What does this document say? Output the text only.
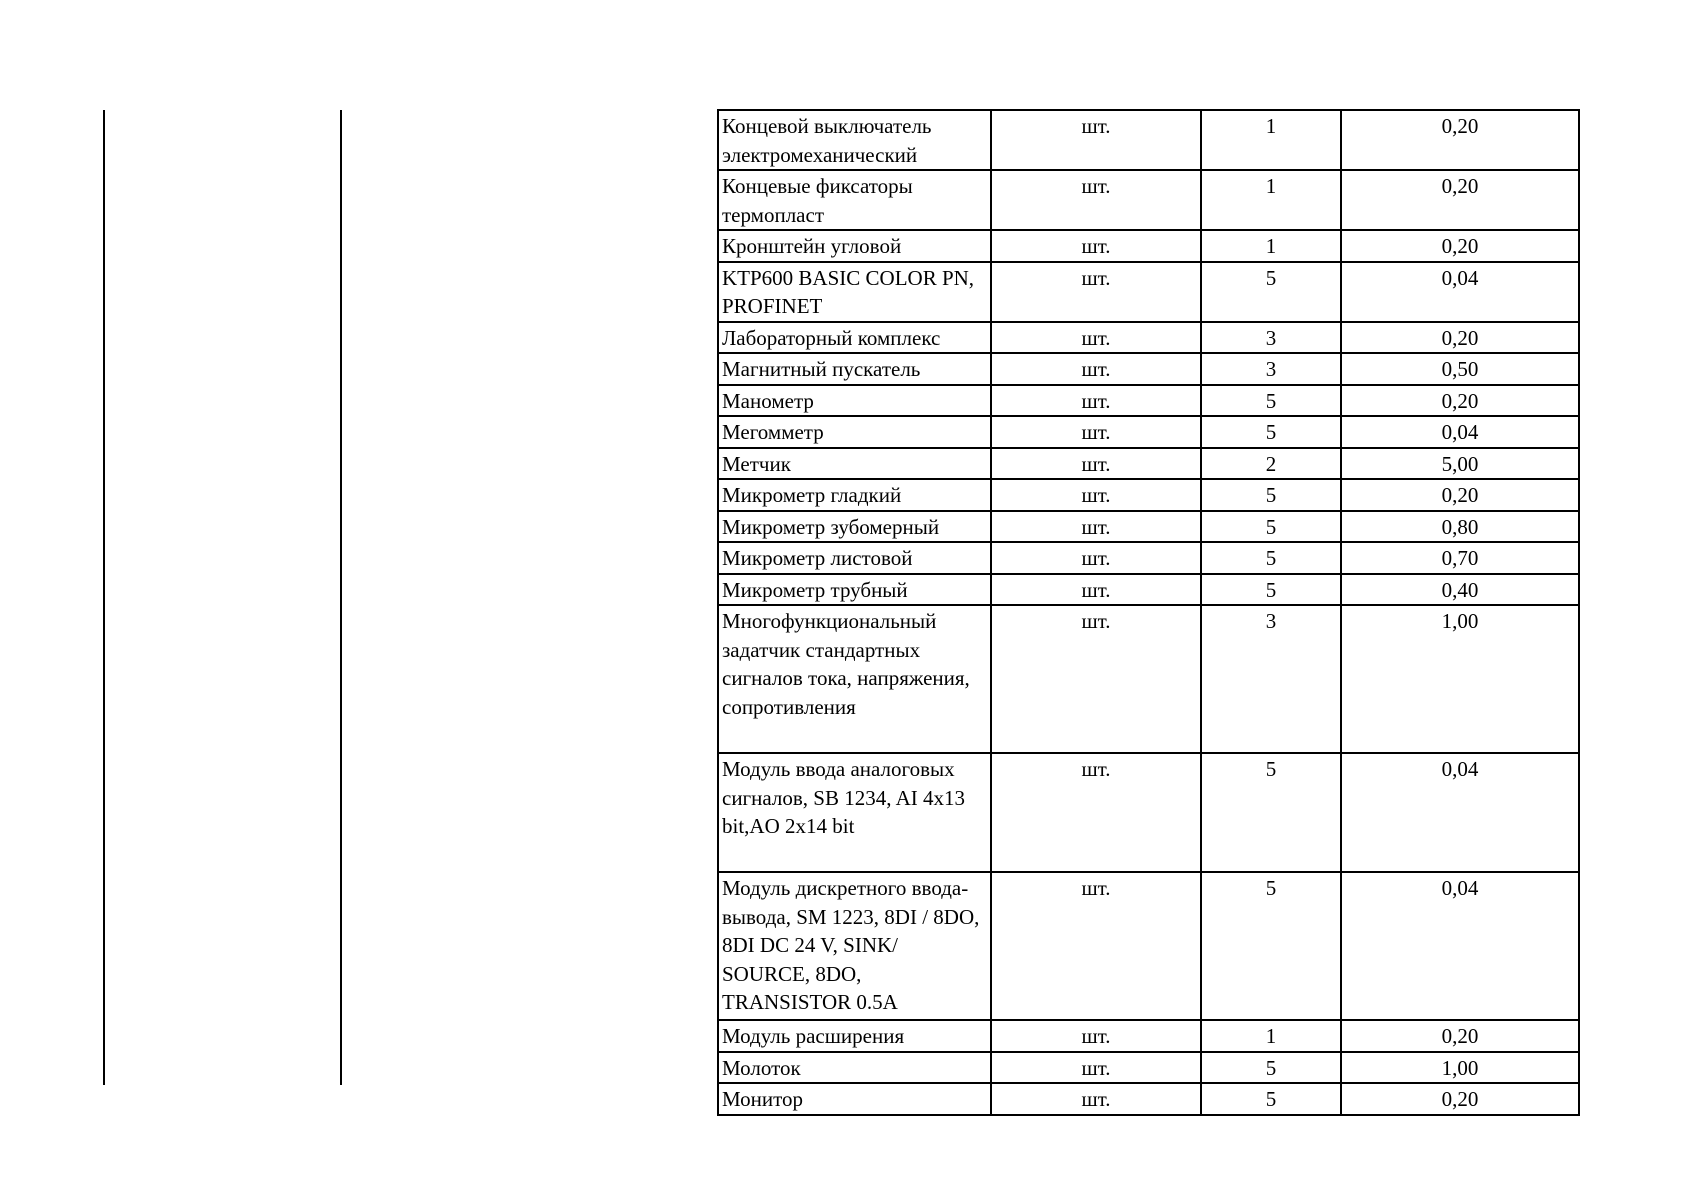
Концевой выключатель электромеханический	шт.	1	0,20
Концевые фиксаторы термопласт	шт.	1	0,20
Кронштейн угловой	шт.	1	0,20
KTP600 BASIC COLOR PN, PROFINET	шт.	5	0,04
Лабораторный комплекс	шт.	3	0,20
Магнитный пускатель	шт.	3	0,50
Манометр	шт.	5	0,20
Мегомметр	шт.	5	0,04
Метчик	шт.	2	5,00
Микрометр гладкий	шт.	5	0,20
Микрометр зубомерный	шт.	5	0,80
Микрометр листовой	шт.	5	0,70
Микрометр трубный	шт.	5	0,40
Многофункциональный задатчик стандартных сигналов тока, напряжения, сопротивления	шт.	3	1,00
Модуль ввода аналоговых сигналов, SB 1234, AI 4x13 bit,AO 2x14 bit	шт.	5	0,04
Модуль дискретного ввода-вывода, SM 1223, 8DI / 8DO, 8DI DC 24 V, SINK/ SOURCE, 8DO, TRANSISTOR 0.5A	шт.	5	0,04
Модуль расширения	шт.	1	0,20
Молоток	шт.	5	1,00
Монитор	шт.	5	0,20
